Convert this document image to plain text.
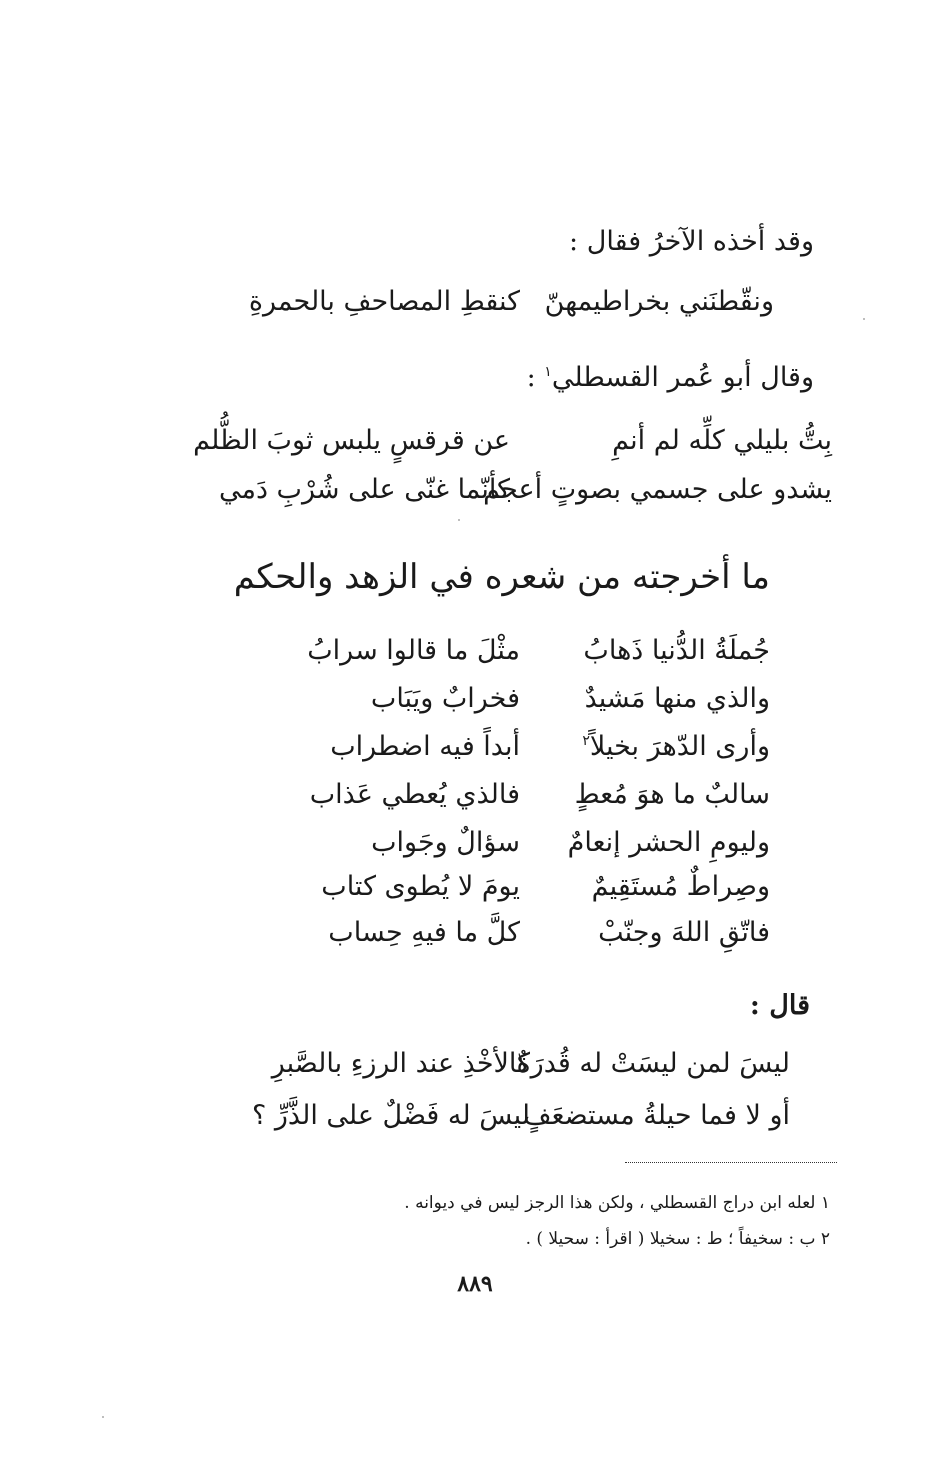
وقد أخذه الآخرُ فقال :
ونقّطنَني بخراطيمهنّ
كنقطِ المصاحفِ بالحمرةِ
وقال أبو عُمر القسطلي$^١$ :
بِتُّ بليلي كلِّه لم أنمِ
عن قرقسٍ يلبس ثوبَ الظُّلم
يشدو على جسمي بصوتٍ أعجم
كأنّما غنّى على شُرْبِ دَمي
ما أخرجته من شعره في الزهد والحكم
جُملَةُ الدُّنيا ذَهابُ
مثْلَ ما قالوا سرابُ
والذي منها مَشيدٌ
فخرابٌ ويَبَاب
وأرى الدّهرَ بخيلاً$^٢$
أبداً فيه اضطراب
سالبٌ ما هوَ مُعطٍ
فالذي يُعطي عَذاب
وليومِ الحشر إنعامٌ
سؤالٌ وجَواب
وصِراطٌ مُستَقِيمٌ
يومَ لا يُطوى كتاب
فاتّقِ اللهَ وجنّبْ
كلَّ ما فيهِ حِساب
قال :
ليسَ لمن ليسَتْ له قُدرَةٌ
كالأخْذِ عند الرزءِ بالصَّبرِ
أو لا فما حيلةُ مستضعَفٍ
ليسَ له فَضْلٌ على الذَّرِّ ؟
١ لعله ابن دراج القسطلي ، ولكن هذا الرجز ليس في ديوانه .
٢ ب : سخيفاً ؛ ط : سخيلا ( اقرأ : سحيلا ) .
٨٨٩
